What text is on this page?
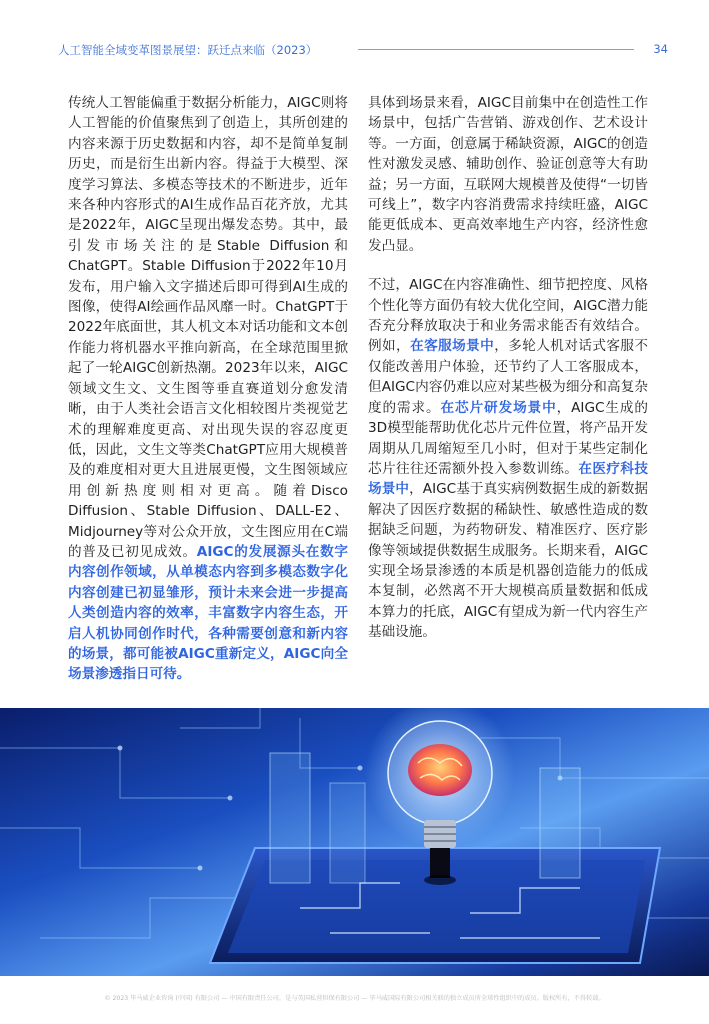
人工智能全域变革图景展望：跃迁点来临（2023）	34

传统人工智能偏重于数据分析能力，AIGC则将人工智能的价值聚焦到了创造上，其所创建的内容来源于历史数据和内容，却不是简单复制历史，而是衍生出新内容。得益于大模型、深度学习算法、多模态等技术的不断进步，近年来各种内容形式的AI生成作品百花齐放，尤其是2022年，AIGC呈现出爆发态势。其中，最引发市场关注的是Stable Diffusion和ChatGPT。Stable Diffusion于2022年10月发布，用户输入文字描述后即可得到AI生成的图像，使得AI绘画作品风靡一时。ChatGPT于2022年底面世，其人机文本对话功能和文本创作能力将机器水平推向新高，在全球范围里掀起了一轮AIGC创新热潮。2023年以来，AIGC领域文生文、文生图等垂直赛道划分愈发清晰，由于人类社会语言文化相较图片类视觉艺术的理解难度更高、对出现失误的容忍度更低，因此，文生文等类ChatGPT应用大规模普及的难度相对更大且进展更慢，文生图领域应用创新热度则相对更高。随着Disco Diffusion、Stable Diffusion、DALL-E2、Midjourney等对公众开放，文生图应用在C端的普及已初见成效。AIGC的发展源头在数字内容创作领域，从单模态内容到多模态数字化内容创建已初显雏形，预计未来会进一步提高人类创造内容的效率，丰富数字内容生态，开启人机协同创作时代，各种需要创意和新内容的场景，都可能被AIGC重新定义，AIGC向全场景渗透指日可待。

具体到场景来看，AIGC目前集中在创造性工作场景中，包括广告营销、游戏创作、艺术设计等。一方面，创意属于稀缺资源，AIGC的创造性对激发灵感、辅助创作、验证创意等大有助益；另一方面，互联网大规模普及使得“一切皆可线上”，数字内容消费需求持续旺盛，AIGC能更低成本、更高效率地生产内容，经济性愈发凸显。

不过，AIGC在内容准确性、细节把控度、风格个性化等方面仍有较大优化空间，AIGC潜力能否充分释放取决于和业务需求能否有效结合。例如，在客服场景中，多轮人机对话式客服不仅能改善用户体验，还节约了人工客服成本，但AIGC内容仍难以应对某些极为细分和高复杂度的需求。在芯片研发场景中，AIGC生成的3D模型能帮助优化芯片元件位置，将产品开发周期从几周缩短至几小时，但对于某些定制化芯片往往还需额外投入参数训练。在医疗科技场景中，AIGC基于真实病例数据生成的新数据解决了因医疗数据的稀缺性、敏感性造成的数据缺乏问题，为药物研发、精准医疗、医疗影像等领域提供数据生成服务。长期来看，AIGC实现全场景渗透的本质是机器创造能力的低成本复制，必然离不开大规模高质量数据和低成本算力的托底，AIGC有望成为新一代内容生产基础设施。

© 2023 毕马威企业咨询 (中国) 有限公司 — 中国有限责任公司，是与英国私营担保有限公司 — 毕马威国际有限公司相关联的独立成员所全球性组织中的成员。版权所有，不得转载。
